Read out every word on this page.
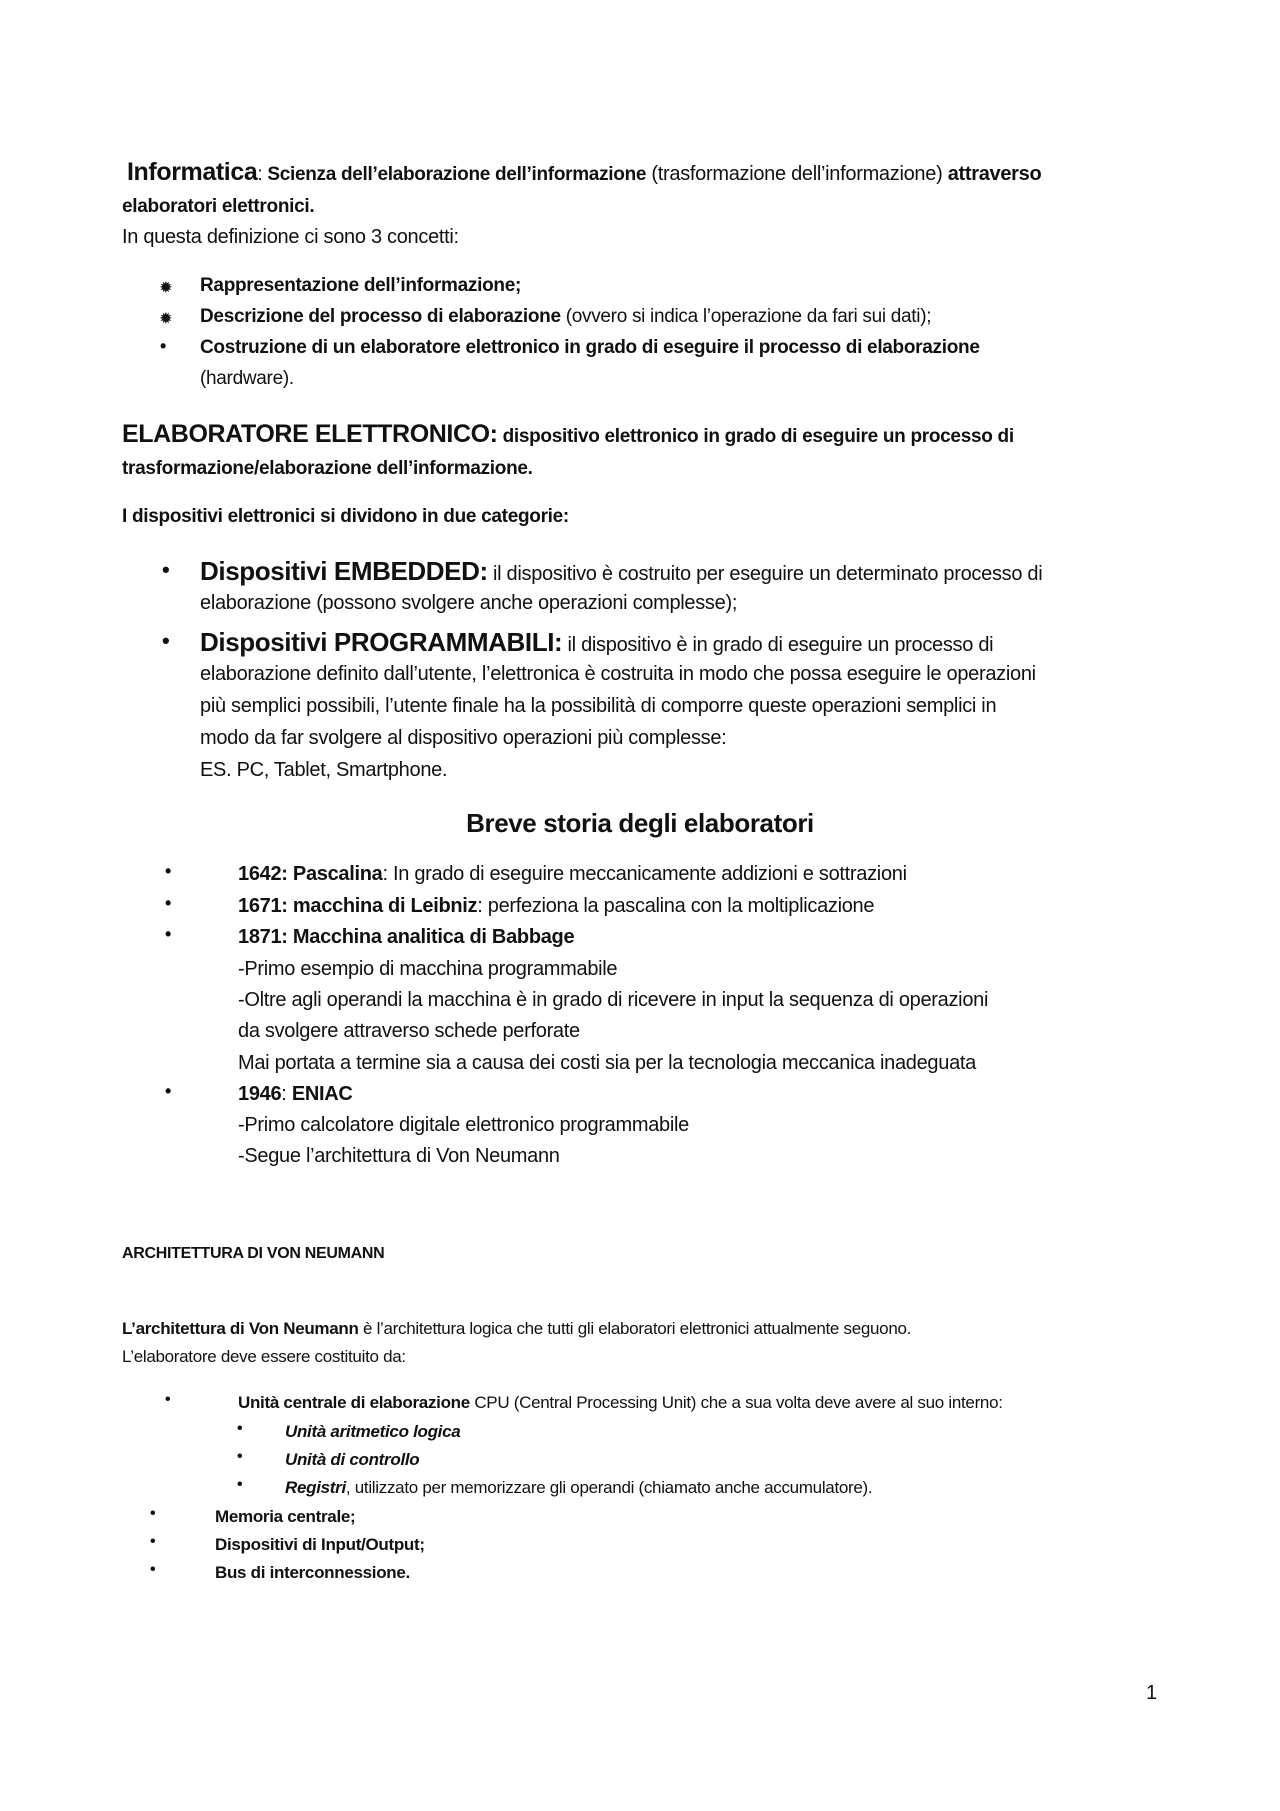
Informatica: Scienza dell’elaborazione dell’informazione (trasformazione dell’informazione) attraverso
elaboratori elettronici.
In questa definizione ci sono 3 concetti:
✹ Rappresentazione dell’informazione;
✹ Descrizione del processo di elaborazione (ovvero si indica l’operazione da fari sui dati);
• Costruzione di un elaboratore elettronico in grado di eseguire il processo di elaborazione
(hardware).
ELABORATORE ELETTRONICO: dispositivo elettronico in grado di eseguire un processo di
trasformazione/elaborazione dell’informazione.
I dispositivi elettronici si dividono in due categorie:
• Dispositivi EMBEDDED: il dispositivo è costruito per eseguire un determinato processo di
elaborazione (possono svolgere anche operazioni complesse);
• Dispositivi PROGRAMMABILI: il dispositivo è in grado di eseguire un processo di
elaborazione definito dall’utente, l’elettronica è costruita in modo che possa eseguire le operazioni
più semplici possibili, l’utente finale ha la possibilità di comporre queste operazioni semplici in
modo da far svolgere al dispositivo operazioni più complesse:
ES. PC, Tablet, Smartphone.
Breve storia degli elaboratori
•	1642: Pascalina: In grado di eseguire meccanicamente addizioni e sottrazioni
•	1671: macchina di Leibniz: perfeziona la pascalina con la moltiplicazione
•	1871: Macchina analitica di Babbage
-Primo esempio di macchina programmabile
-Oltre agli operandi la macchina è in grado di ricevere in input la sequenza di operazioni
da svolgere attraverso schede perforate
Mai portata a termine sia a causa dei costi sia per la tecnologia meccanica inadeguata
•	1946: ENIAC
-Primo calcolatore digitale elettronico programmabile
-Segue l’architettura di Von Neumann
ARCHITETTURA DI VON NEUMANN
L’architettura di Von Neumann è l’architettura logica che tutti gli elaboratori elettronici attualmente seguono.
L’elaboratore deve essere costituito da:
•	Unità centrale di elaborazione CPU (Central Processing Unit) che a sua volta deve avere al suo interno:
• Unità aritmetico logica
• Unità di controllo
• Registri, utilizzato per memorizzare gli operandi (chiamato anche accumulatore).
•	Memoria centrale;
•	Dispositivi di Input/Output;
•	Bus di interconnessione.
1
